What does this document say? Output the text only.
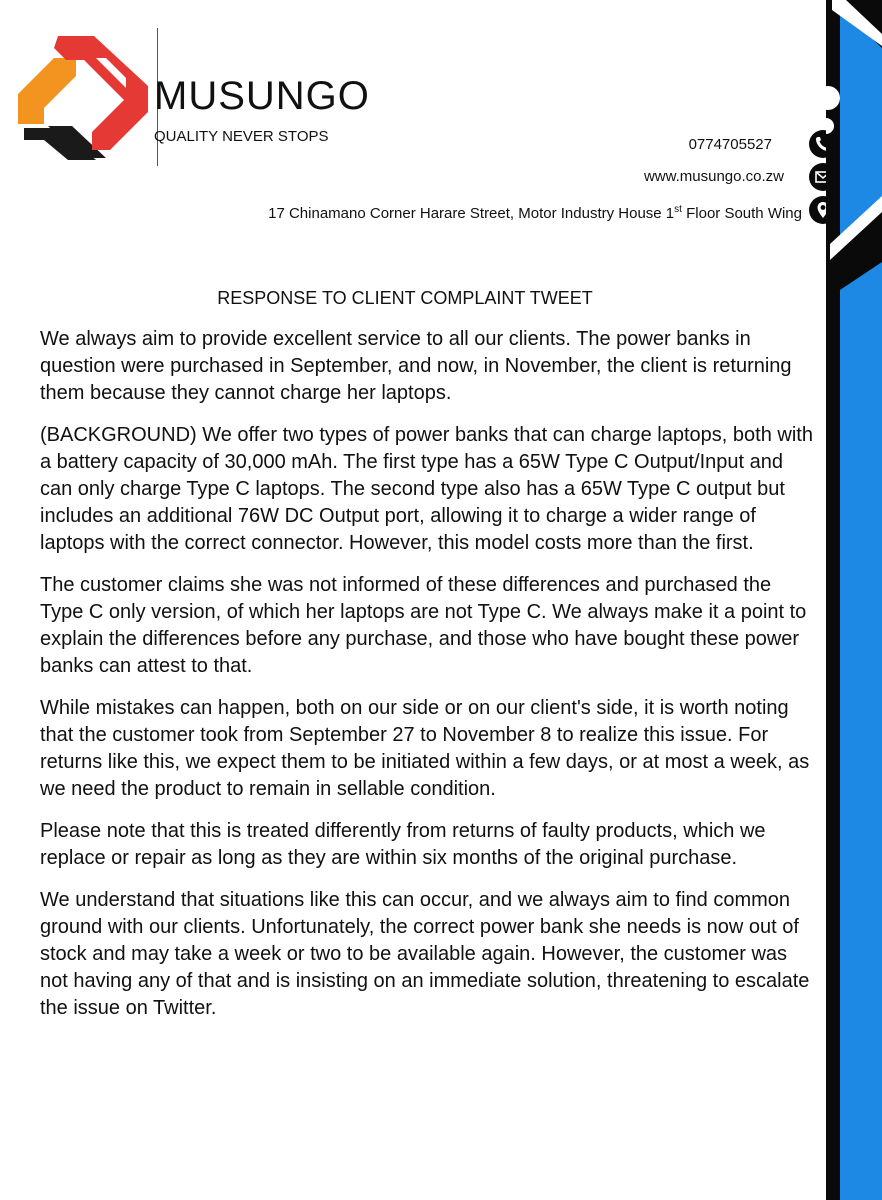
MUSUNGO
QUALITY NEVER STOPS	0774705527
www.musungo.co.zw
17 Chinamano Corner Harare Street, Motor Industry House 1st Floor South Wing
RESPONSE TO CLIENT COMPLAINT TWEET

We always aim to provide excellent service to all our clients. The power banks in question were purchased in September, and now, in November, the client is returning them because they cannot charge her laptops.

(BACKGROUND) We offer two types of power banks that can charge laptops, both with a battery capacity of 30,000 mAh. The first type has a 65W Type C Output/Input and can only charge Type C laptops. The second type also has a 65W Type C output but includes an additional 76W DC Output port, allowing it to charge a wider range of laptops with the correct connector. However, this model costs more than the first.

The customer claims she was not informed of these differences and purchased the Type C only version, of which her laptops are not Type C. We always make it a point to explain the differences before any purchase, and those who have bought these power banks can attest to that.

While mistakes can happen, both on our side or on our client's side, it is worth noting that the customer took from September 27 to November 8 to realize this issue. For returns like this, we expect them to be initiated within a few days, or at most a week, as we need the product to remain in sellable condition.

Please note that this is treated differently from returns of faulty products, which we replace or repair as long as they are within six months of the original purchase.

We understand that situations like this can occur, and we always aim to find common ground with our clients. Unfortunately, the correct power bank she needs is now out of stock and may take a week or two to be available again. However, the customer was not having any of that and is insisting on an immediate solution, threatening to escalate the issue on Twitter.
